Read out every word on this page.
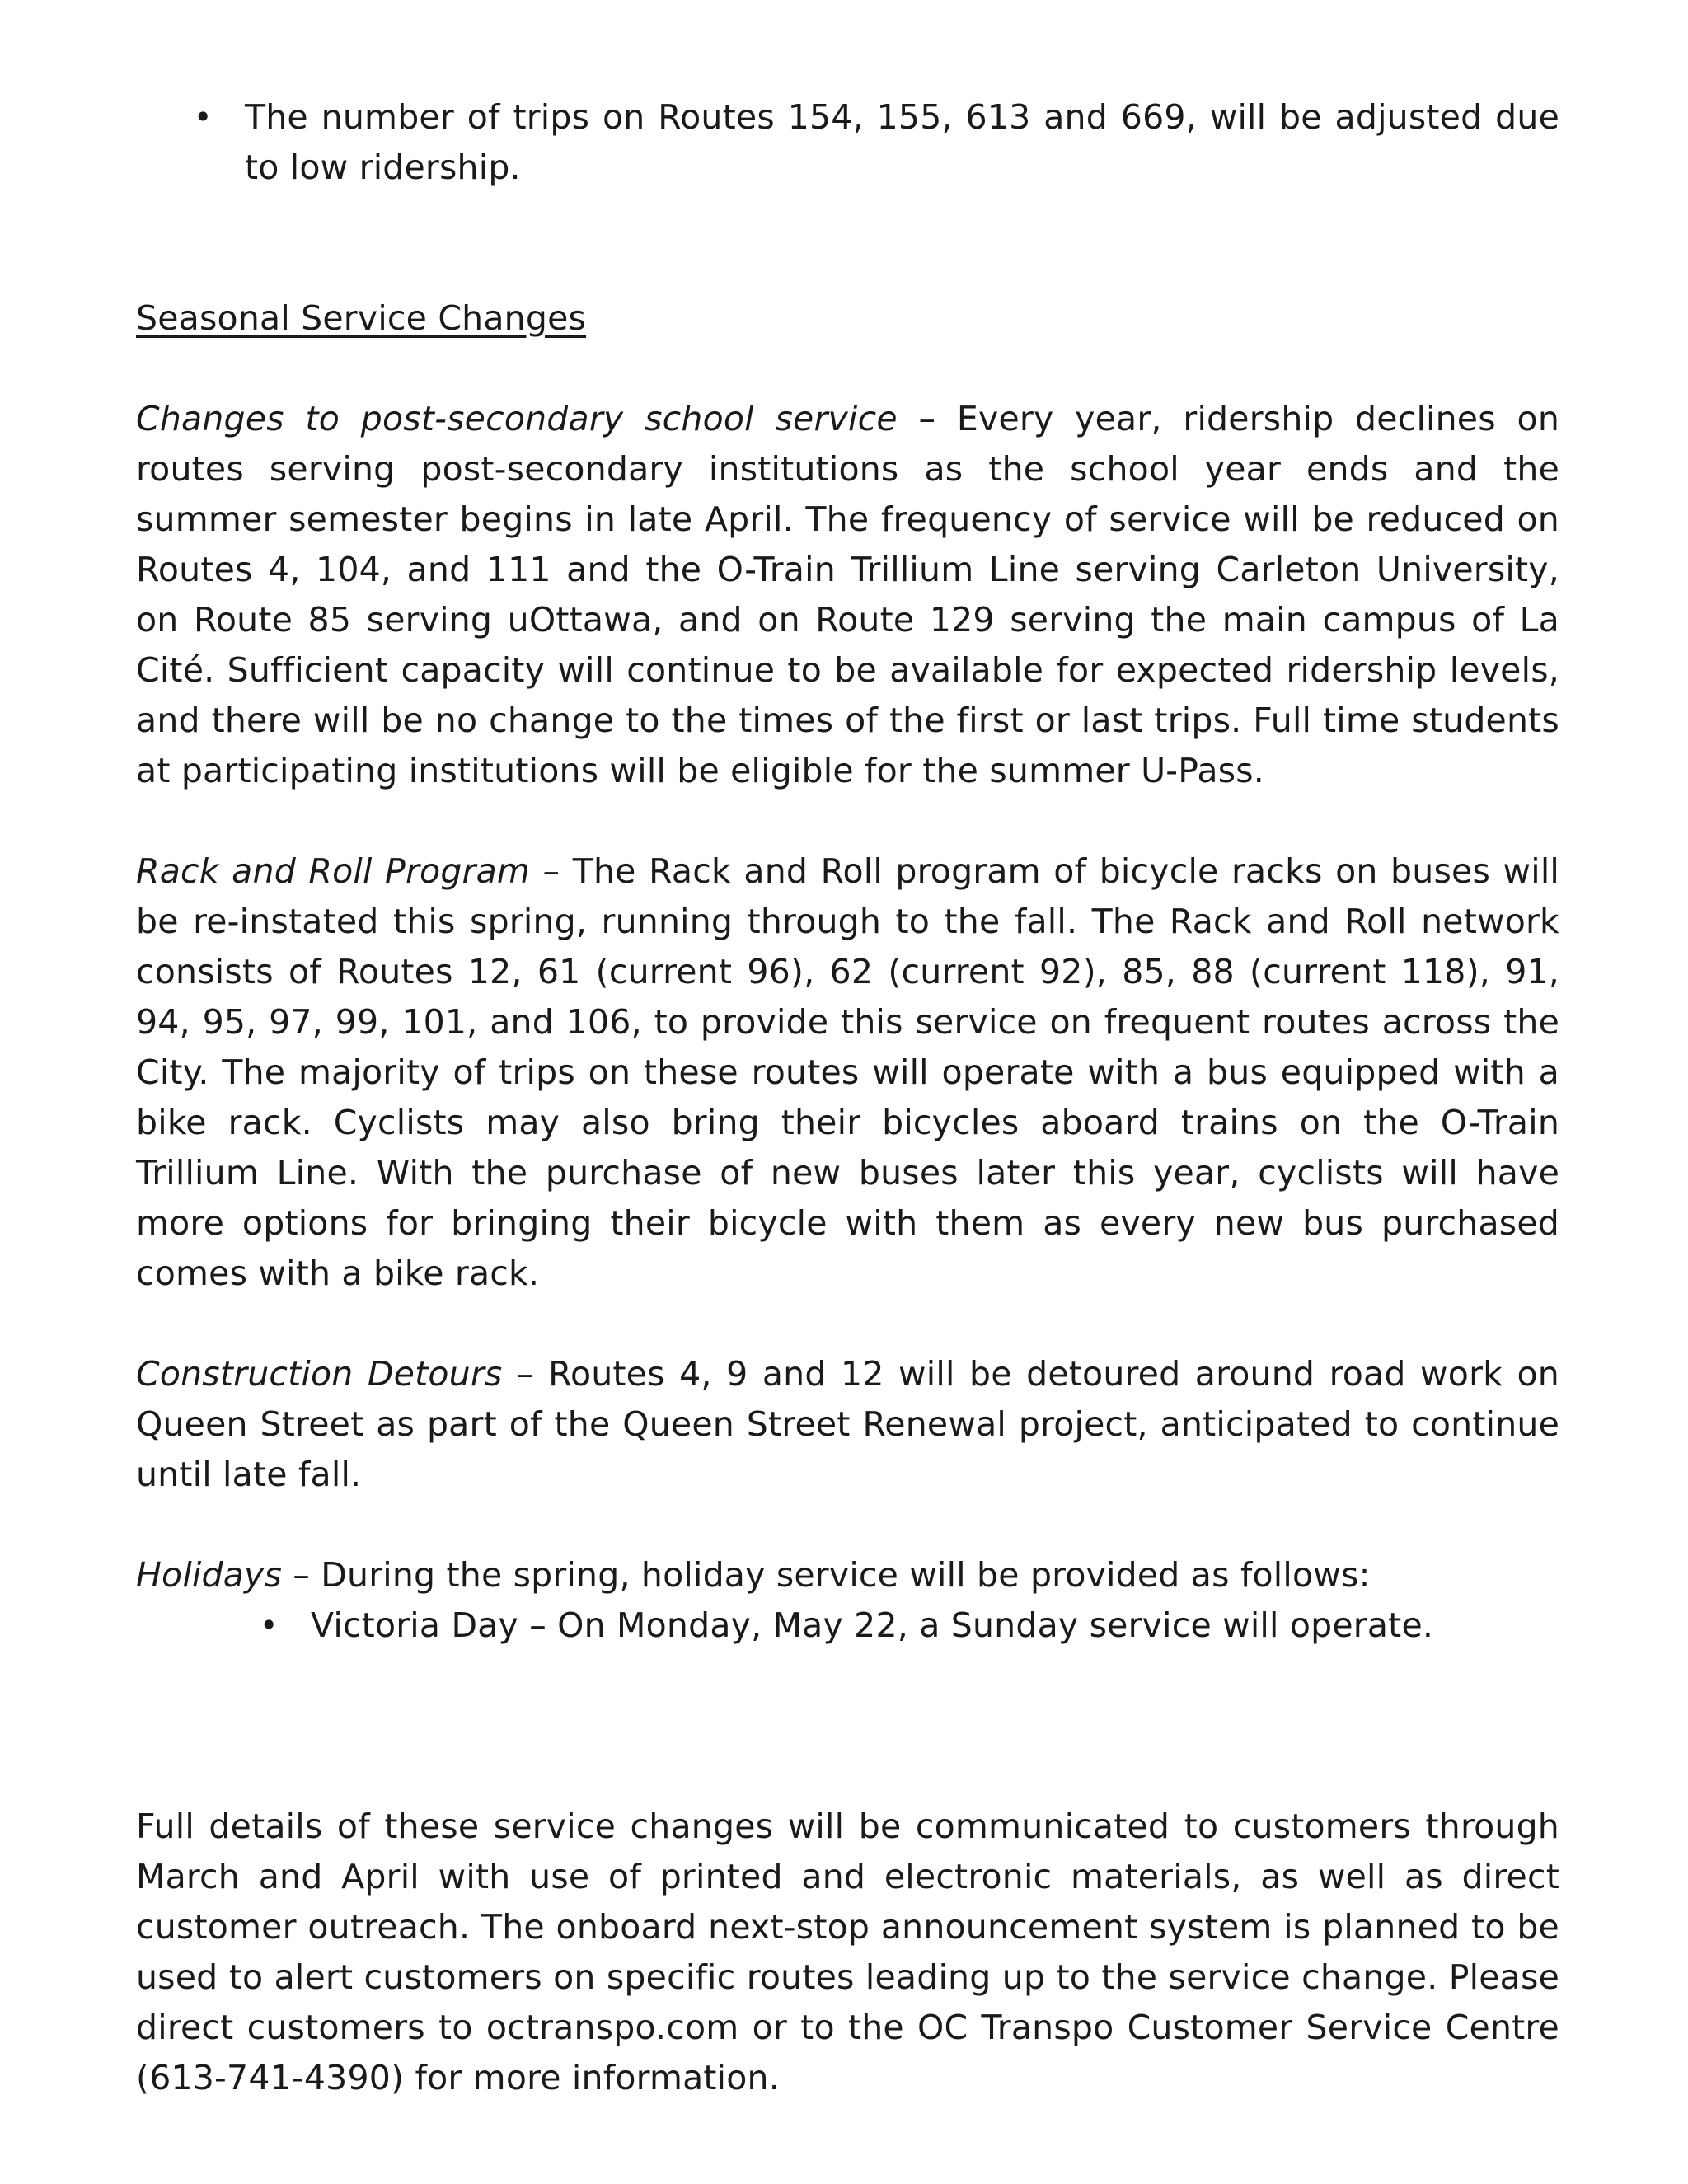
• The number of trips on Routes 154, 155, 613 and 669, will be adjusted due to low ridership.

Seasonal Service Changes

Changes to post-secondary school service – Every year, ridership declines on routes serving post-secondary institutions as the school year ends and the summer semester begins in late April. The frequency of service will be reduced on Routes 4, 104, and 111 and the O-Train Trillium Line serving Carleton University, on Route 85 serving uOttawa, and on Route 129 serving the main campus of La Cité. Sufficient capacity will continue to be available for expected ridership levels, and there will be no change to the times of the first or last trips. Full time students at participating institutions will be eligible for the summer U-Pass.

Rack and Roll Program – The Rack and Roll program of bicycle racks on buses will be re-instated this spring, running through to the fall. The Rack and Roll network consists of Routes 12, 61 (current 96), 62 (current 92), 85, 88 (current 118), 91, 94, 95, 97, 99, 101, and 106, to provide this service on frequent routes across the City. The majority of trips on these routes will operate with a bus equipped with a bike rack. Cyclists may also bring their bicycles aboard trains on the O-Train Trillium Line. With the purchase of new buses later this year, cyclists will have more options for bringing their bicycle with them as every new bus purchased comes with a bike rack.

Construction Detours – Routes 4, 9 and 12 will be detoured around road work on Queen Street as part of the Queen Street Renewal project, anticipated to continue until late fall.

Holidays – During the spring, holiday service will be provided as follows:

• Victoria Day – On Monday, May 22, a Sunday service will operate.

Full details of these service changes will be communicated to customers through March and April with use of printed and electronic materials, as well as direct customer outreach. The onboard next-stop announcement system is planned to be used to alert customers on specific routes leading up to the service change. Please direct customers to octranspo.com or to the OC Transpo Customer Service Centre (613-741-4390) for more information.
